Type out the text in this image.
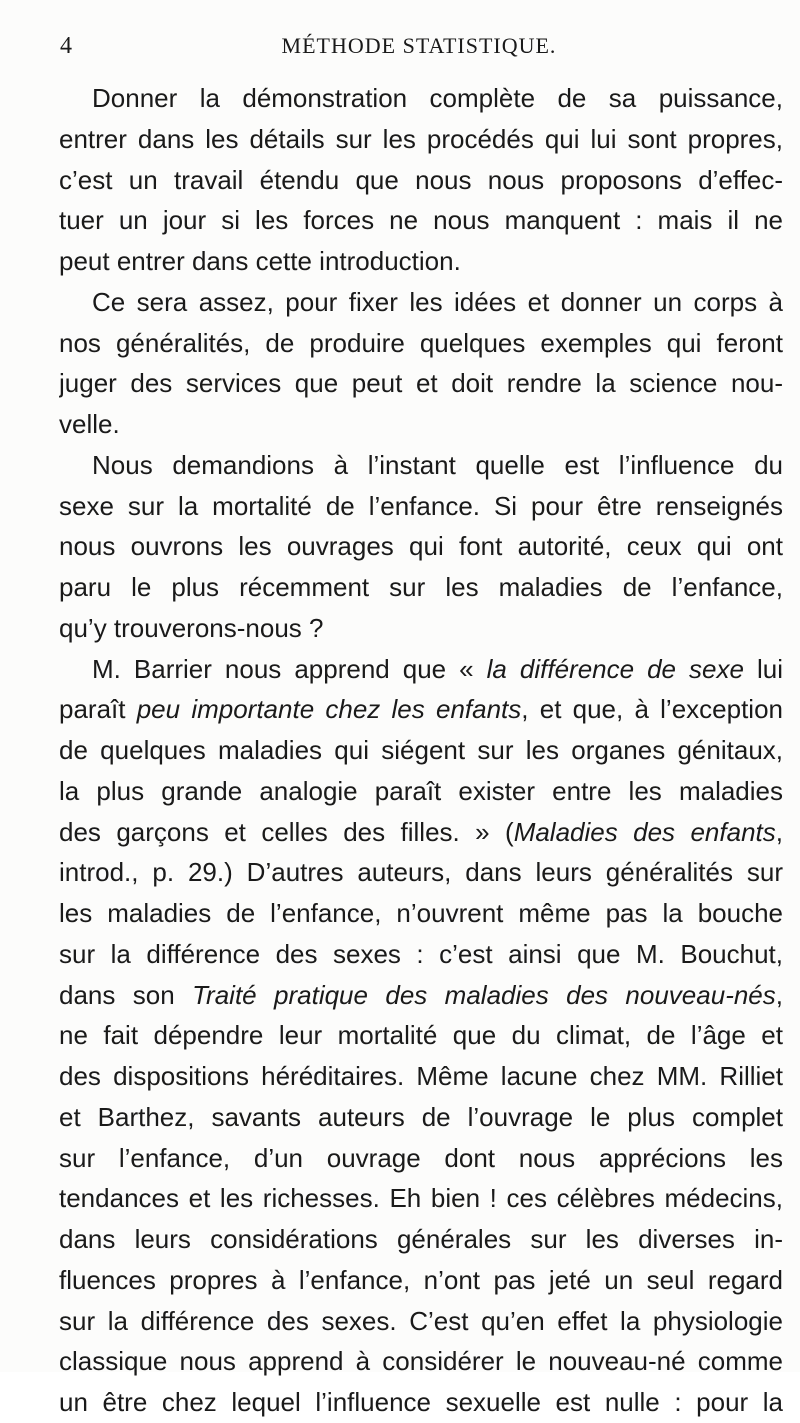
4	MÉTHODE STATISTIQUE.
Donner la démonstration complète de sa puissance,
entrer dans les détails sur les procédés qui lui sont propres,
c’est un travail étendu que nous nous proposons d’effec-
tuer un jour si les forces ne nous manquent : mais il ne
peut entrer dans cette introduction.
Ce sera assez, pour fixer les idées et donner un corps à
nos généralités, de produire quelques exemples qui feront
juger des services que peut et doit rendre la science nou-
velle.
Nous demandions à l’instant quelle est l’influence du
sexe sur la mortalité de l’enfance. Si pour être renseignés
nous ouvrons les ouvrages qui font autorité, ceux qui ont
paru le plus récemment sur les maladies de l’enfance,
qu’y trouverons-nous ?
M. Barrier nous apprend que « la différence de sexe lui
paraît peu importante chez les enfants, et que, à l’exception
de quelques maladies qui siégent sur les organes génitaux,
la plus grande analogie paraît exister entre les maladies
des garçons et celles des filles. » (Maladies des enfants,
introd., p. 29.) D’autres auteurs, dans leurs généralités sur
les maladies de l’enfance, n’ouvrent même pas la bouche
sur la différence des sexes : c’est ainsi que M. Bouchut,
dans son Traité pratique des maladies des nouveau-nés,
ne fait dépendre leur mortalité que du climat, de l’âge et
des dispositions héréditaires. Même lacune chez MM. Rilliet
et Barthez, savants auteurs de l’ouvrage le plus complet
sur l’enfance, d’un ouvrage dont nous apprécions les
tendances et les richesses. Eh bien ! ces célèbres médecins,
dans leurs considérations générales sur les diverses in-
fluences propres à l’enfance, n’ont pas jeté un seul regard
sur la différence des sexes. C’est qu’en effet la physiologie
classique nous apprend à considérer le nouveau-né comme
un être chez lequel l’influence sexuelle est nulle : pour la
